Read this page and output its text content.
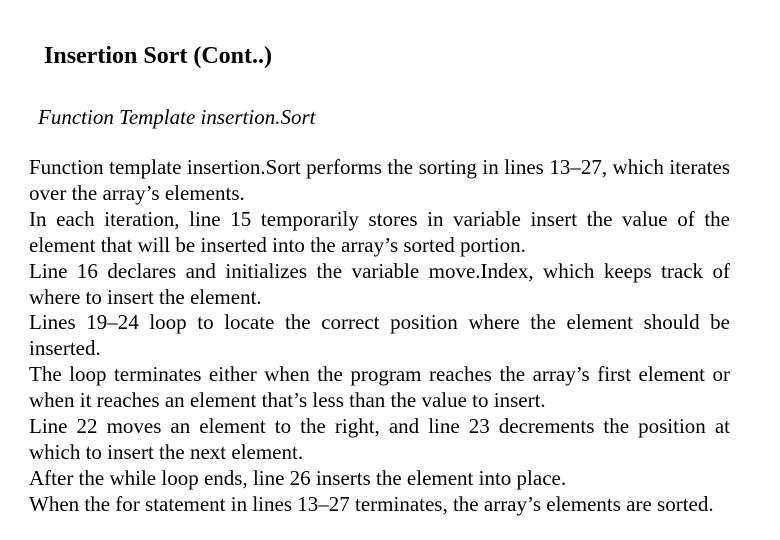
Insertion Sort (Cont..)
Function Template insertion.Sort

Function template insertion.Sort performs the sorting in lines 13–27, which iterates over the array’s elements.

In each iteration, line 15 temporarily stores in variable insert the value of the element that will be inserted into the array’s sorted portion.

Line 16 declares and initializes the variable move.Index, which keeps track of where to insert the element.

Lines 19–24 loop to locate the correct position where the element should be inserted.

The loop terminates either when the program reaches the array’s first element or when it reaches an element that’s less than the value to insert.

Line 22 moves an element to the right, and line 23 decrements the position at which to insert the next element.

After the while loop ends, line 26 inserts the element into place.

When the for statement in lines 13–27 terminates, the array’s elements are sorted.
